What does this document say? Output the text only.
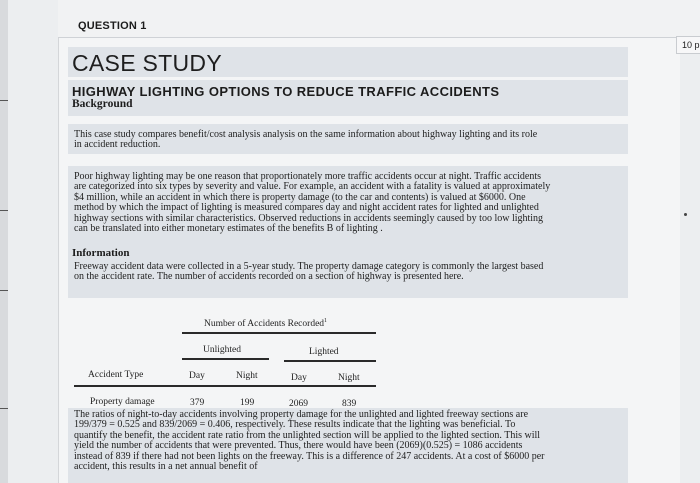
QUESTION 1
10 p
CASE STUDY
HIGHWAY LIGHTING OPTIONS TO REDUCE TRAFFIC ACCIDENTS
Background
This case study compares benefit/cost analysis analysis on the same information about highway lighting and its role
in accident reduction.
Poor highway lighting may be one reason that proportionately more traffic accidents occur at night. Traffic accidents
are categorized into six types by severity and value. For example, an accident with a fatality is valued at approximately
$4 million, while an accident in which there is property damage (to the car and contents) is valued at $6000. One
method by which the impact of lighting is measured compares day and night accident rates for lighted and unlighted
highway sections with similar characteristics. Observed reductions in accidents seemingly caused by too low lighting
can be translated into either monetary estimates of the benefits B of lighting .
Information
Freeway accident data were collected in a 5-year study. The property damage category is commonly the largest based
on the accident rate. The number of accidents recorded on a section of highway is presented here.
Number of Accidents Recorded$^1$
Unlighted	Lighted
Accident Type	Day	Night	Day	Night
Property damage	379	199	2069	839
The ratios of night-to-day accidents involving property damage for the unlighted and lighted freeway sections are
199/379 = 0.525 and 839/2069 = 0.406, respectively. These results indicate that the lighting was beneficial. To
quantify the benefit, the accident rate ratio from the unlighted section will be applied to the lighted section. This will
yield the number of accidents that were prevented. Thus, there would have been (2069)(0.525) = 1086 accidents
instead of 839 if there had not been lights on the freeway. This is a difference of 247 accidents. At a cost of $6000 per
accident, this results in a net annual benefit of
